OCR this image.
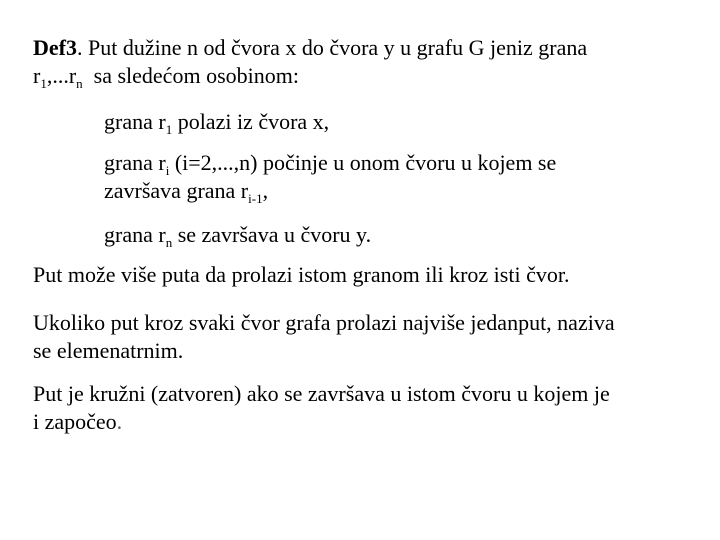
Def3. Put dužine n od čvora x do čvora y u grafu G jeniz grana
$r_1,...r_n$  sa sledećom osobinom:
grana $r_1$ polazi iz čvora x,
grana $r_i$ (i=2,...,n) počinje u onom čvoru u kojem se
završava grana $r_{i-1}$,
grana $r_n$ se završava u čvoru y.
Put može više puta da prolazi istom granom ili kroz isti čvor.
Ukoliko put kroz svaki čvor grafa prolazi najviše jedanput, naziva
se elemenatrnim.
Put je kružni (zatvoren) ako se završava u istom čvoru u kojem je
i započeo.
